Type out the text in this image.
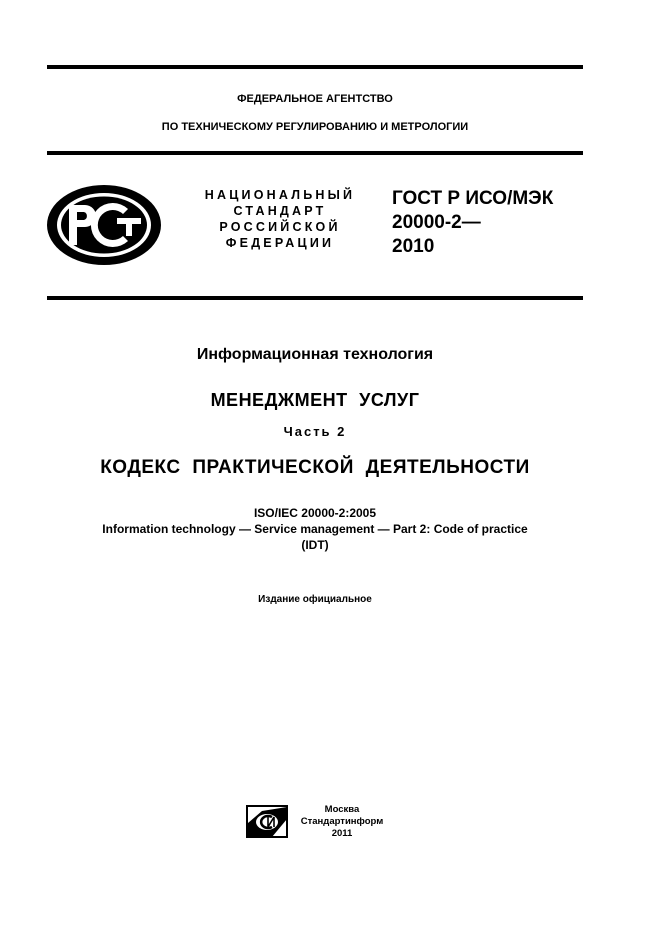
ФЕДЕРАЛЬНОЕ АГЕНТСТВО
ПО ТЕХНИЧЕСКОМУ РЕГУЛИРОВАНИЮ И МЕТРОЛОГИИ
НАЦИОНАЛЬНЫЙ
СТАНДАРТ
РОССИЙСКОЙ
ФЕДЕРАЦИИ
ГОСТ Р ИСО/МЭК
20000-2—
2010
Информационная технология
МЕНЕДЖМЕНТ УСЛУГ
Часть 2
КОДЕКС ПРАКТИЧЕСКОЙ ДЕЯТЕЛЬНОСТИ
ISO/IEC 20000-2:2005
Information technology — Service management — Part 2: Code of practice
(IDT)
Издание официальное
Москва
Стандартинформ
2011
